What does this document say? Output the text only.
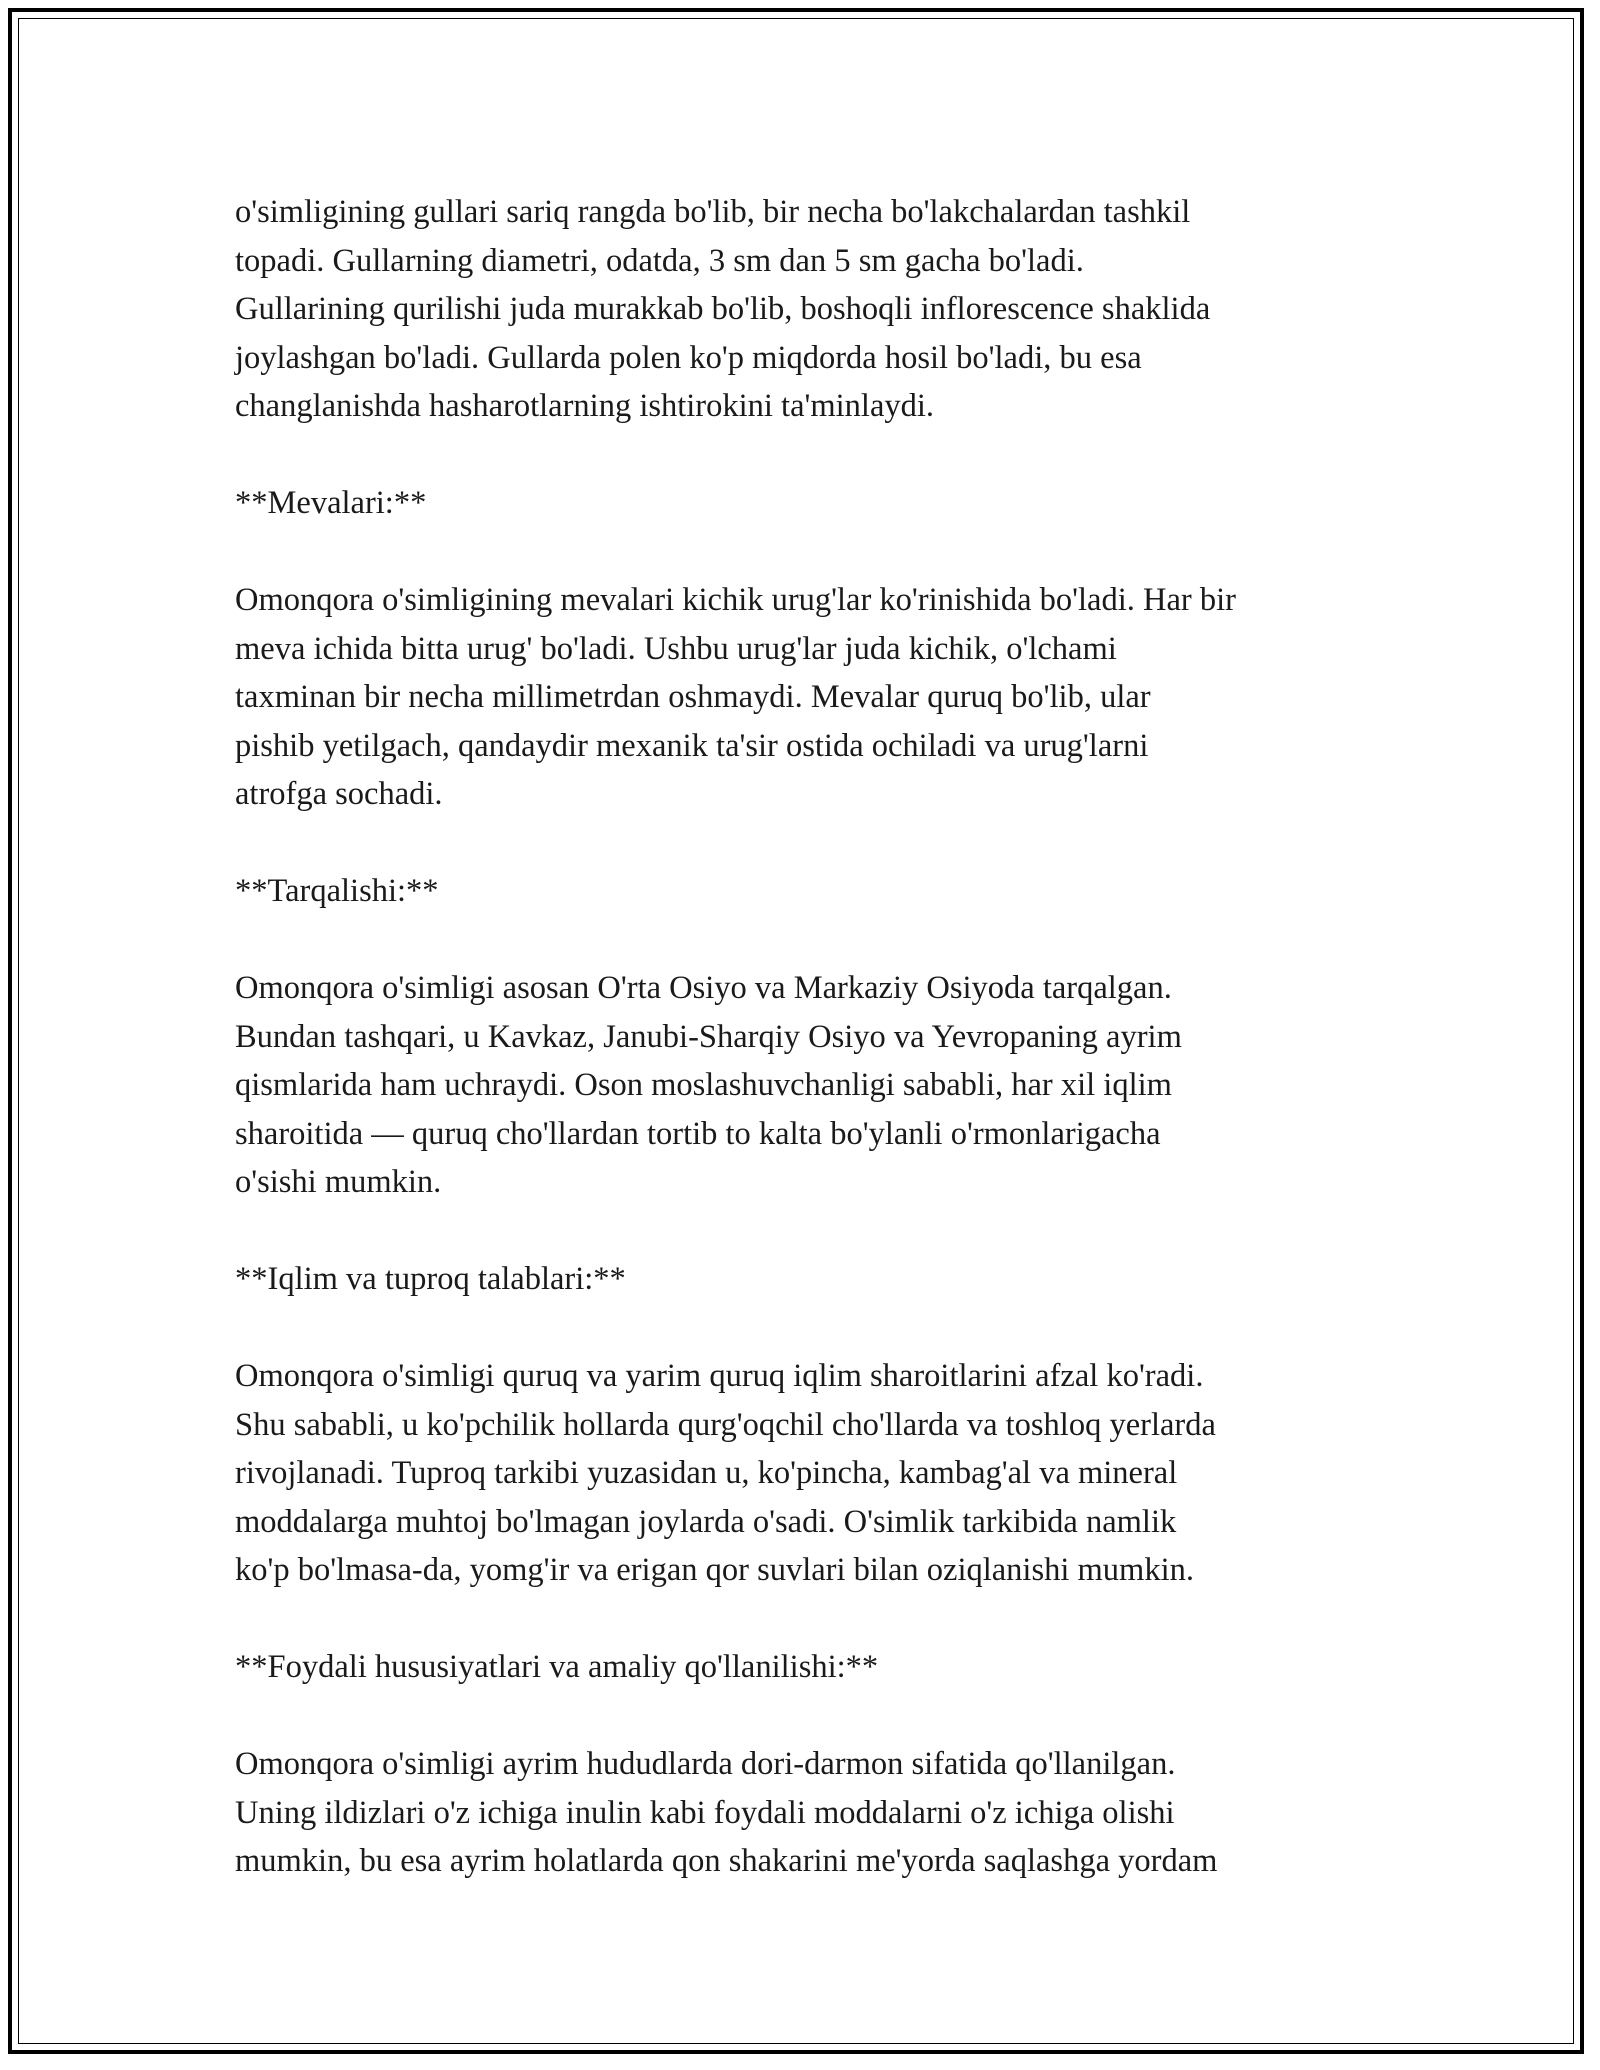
o'simligining gullari sariq rangda bo'lib, bir necha bo'lakchalardan tashkil
topadi. Gullarning diametri, odatda, 3 sm dan 5 sm gacha bo'ladi.
Gullarining qurilishi juda murakkab bo'lib, boshoqli inflorescence shaklida
joylashgan bo'ladi. Gullarda polen ko'p miqdorda hosil bo'ladi, bu esa
changlanishda hasharotlarning ishtirokini ta'minlaydi.
**Mevalari:**
Omonqora o'simligining mevalari kichik urug'lar ko'rinishida bo'ladi. Har bir
meva ichida bitta urug' bo'ladi. Ushbu urug'lar juda kichik, o'lchami
taxminan bir necha millimetrdan oshmaydi. Mevalar quruq bo'lib, ular
pishib yetilgach, qandaydir mexanik ta'sir ostida ochiladi va urug'larni
atrofga sochadi.
**Tarqalishi:**
Omonqora o'simligi asosan O'rta Osiyo va Markaziy Osiyoda tarqalgan.
Bundan tashqari, u Kavkaz, Janubi-Sharqiy Osiyo va Yevropaning ayrim
qismlarida ham uchraydi. Oson moslashuvchanligi sababli, har xil iqlim
sharoitida — quruq cho'llardan tortib to kalta bo'ylanli o'rmonlarigacha
o'sishi mumkin.
**Iqlim va tuproq talablari:**
Omonqora o'simligi quruq va yarim quruq iqlim sharoitlarini afzal ko'radi.
Shu sababli, u ko'pchilik hollarda qurg'oqchil cho'llarda va toshloq yerlarda
rivojlanadi. Tuproq tarkibi yuzasidan u, ko'pincha, kambag'al va mineral
moddalarga muhtoj bo'lmagan joylarda o'sadi. O'simlik tarkibida namlik
ko'p bo'lmasa-da, yomg'ir va erigan qor suvlari bilan oziqlanishi mumkin.
**Foydali hususiyatlari va amaliy qo'llanilishi:**
Omonqora o'simligi ayrim hududlarda dori-darmon sifatida qo'llanilgan.
Uning ildizlari o'z ichiga inulin kabi foydali moddalarni o'z ichiga olishi
mumkin, bu esa ayrim holatlarda qon shakarini me'yorda saqlashga yordam
